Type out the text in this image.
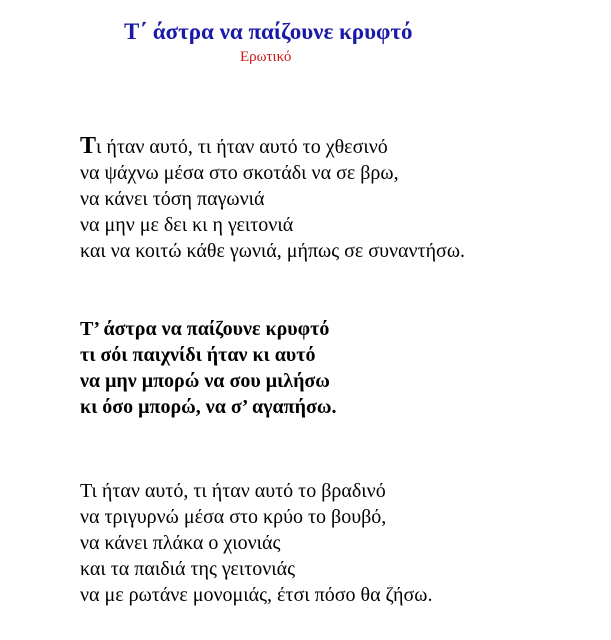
Τ΄ άστρα να παίζουνε κρυφτό
Ερωτικό
Τι ήταν αυτό, τι ήταν αυτό το χθεσινό
να ψάχνω μέσα στο σκοτάδι να σε βρω,
να κάνει τόση παγωνιά
να μην με δει κι η γειτονιά
και να κοιτώ κάθε γωνιά, μήπως σε συναντήσω.
Τ’ άστρα να παίζουνε κρυφτό
τι σόι παιχνίδι ήταν κι αυτό
να μην μπορώ να σου μιλήσω
κι όσο μπορώ, να σ’ αγαπήσω.
Τι ήταν αυτό, τι ήταν αυτό το βραδινό
να τριγυρνώ μέσα στο κρύο το βουβό,
να κάνει πλάκα ο χιονιάς
και τα παιδιά της γειτονιάς
να με ρωτάνε μονομιάς, έτσι πόσο θα ζήσω.
